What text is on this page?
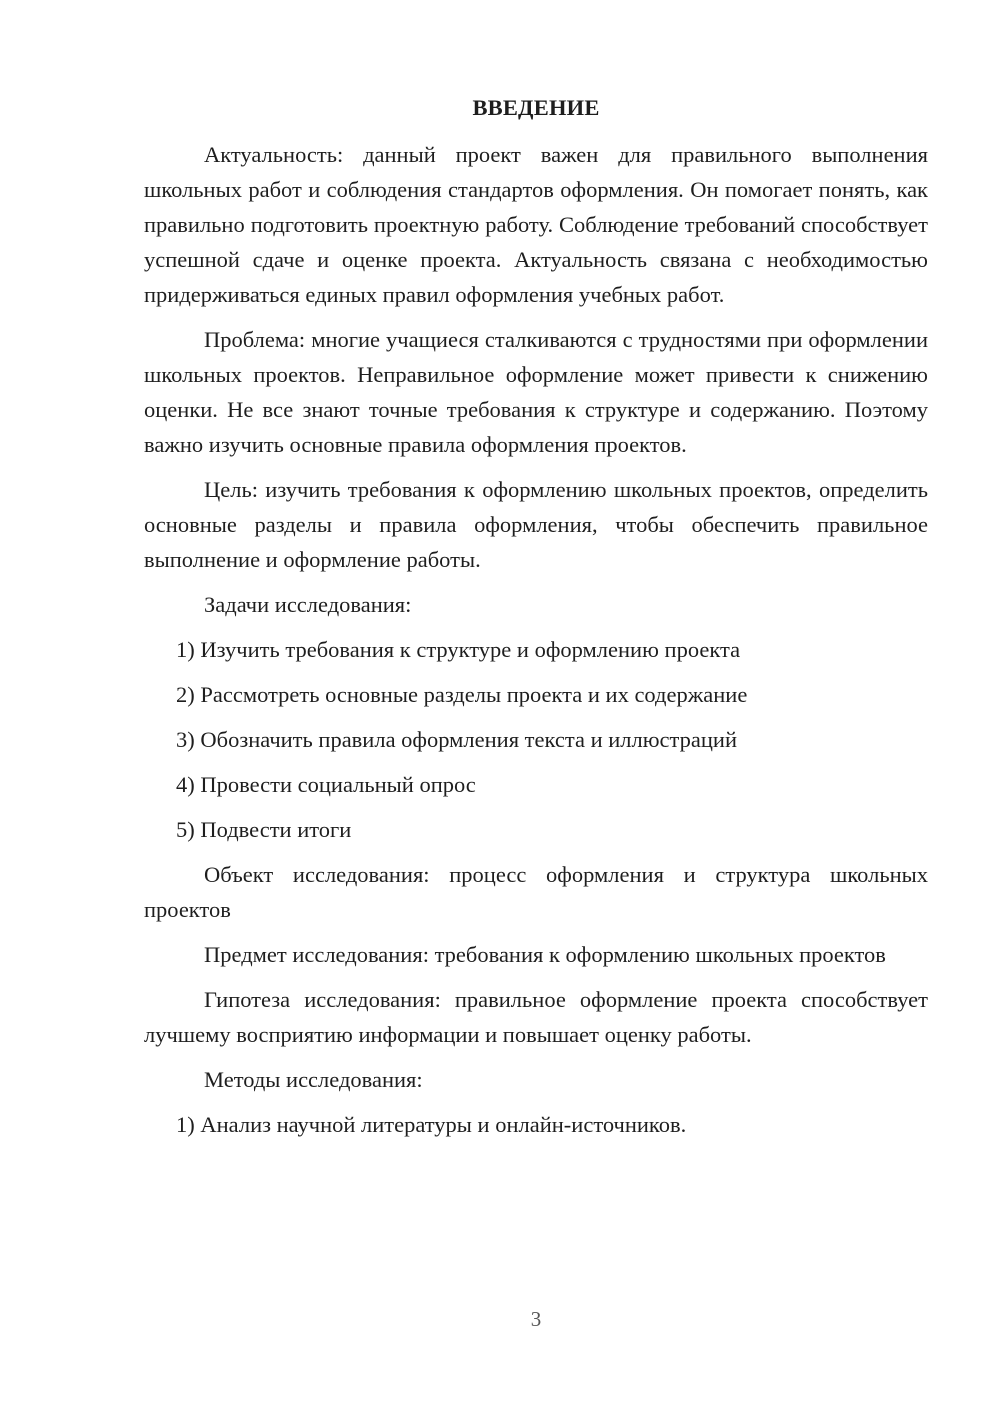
ВВЕДЕНИЕ

Актуальность: данный проект важен для правильного выполнения школьных работ и соблюдения стандартов оформления. Он помогает понять, как правильно подготовить проектную работу. Соблюдение требований способствует успешной сдаче и оценке проекта. Актуальность связана с необходимостью придерживаться единых правил оформления учебных работ.

Проблема: многие учащиеся сталкиваются с трудностями при оформлении школьных проектов. Неправильное оформление может привести к снижению оценки. Не все знают точные требования к структуре и содержанию. Поэтому важно изучить основные правила оформления проектов.

Цель: изучить требования к оформлению школьных проектов, определить основные разделы и правила оформления, чтобы обеспечить правильное выполнение и оформление работы.

Задачи исследования:

1) Изучить требования к структуре и оформлению проекта

2) Рассмотреть основные разделы проекта и их содержание

3) Обозначить правила оформления текста и иллюстраций

4) Провести социальный опрос

5) Подвести итоги

Объект исследования: процесс оформления и структура школьных проектов

Предмет исследования: требования к оформлению школьных проектов

Гипотеза исследования: правильное оформление проекта способствует лучшему восприятию информации и повышает оценку работы.

Методы исследования:

1) Анализ научной литературы и онлайн-источников.

3
